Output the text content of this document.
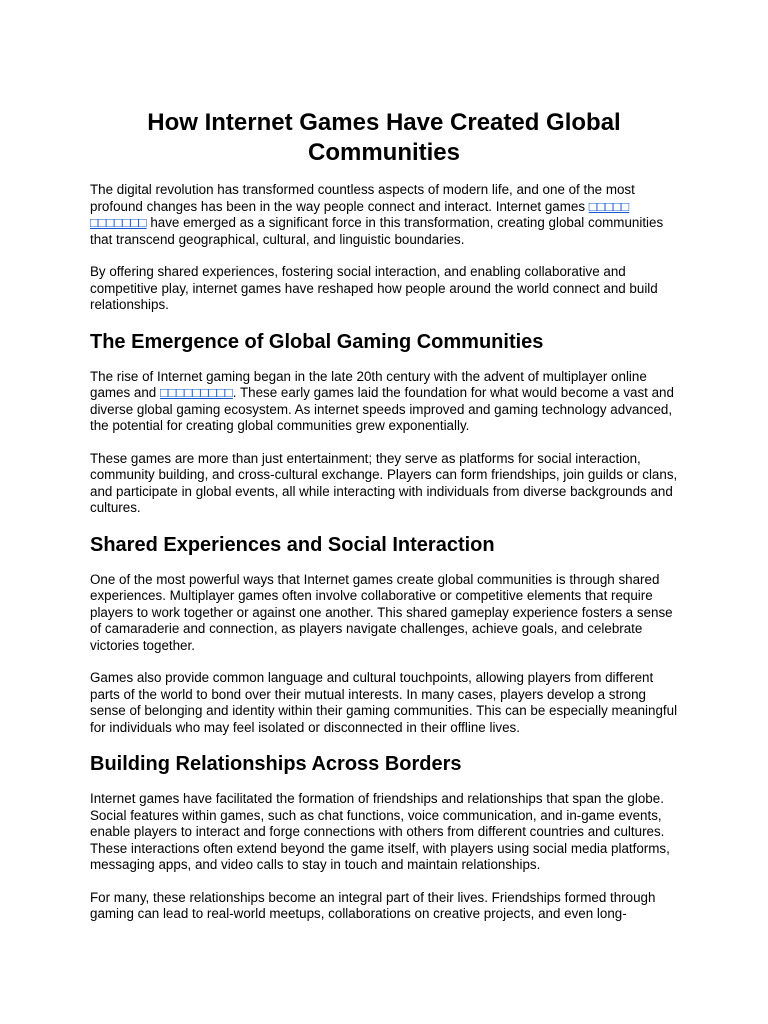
How Internet Games Have Created Global Communities

The digital revolution has transformed countless aspects of modern life, and one of the most profound changes has been in the way people connect and interact. Internet games □□□□□ □□□□□□□ have emerged as a significant force in this transformation, creating global communities that transcend geographical, cultural, and linguistic boundaries.

By offering shared experiences, fostering social interaction, and enabling collaborative and competitive play, internet games have reshaped how people around the world connect and build relationships.

The Emergence of Global Gaming Communities

The rise of Internet gaming began in the late 20th century with the advent of multiplayer online games and □□□□□□□□□. These early games laid the foundation for what would become a vast and diverse global gaming ecosystem. As internet speeds improved and gaming technology advanced, the potential for creating global communities grew exponentially.

These games are more than just entertainment; they serve as platforms for social interaction, community building, and cross-cultural exchange. Players can form friendships, join guilds or clans, and participate in global events, all while interacting with individuals from diverse backgrounds and cultures.

Shared Experiences and Social Interaction

One of the most powerful ways that Internet games create global communities is through shared experiences. Multiplayer games often involve collaborative or competitive elements that require players to work together or against one another. This shared gameplay experience fosters a sense of camaraderie and connection, as players navigate challenges, achieve goals, and celebrate victories together.

Games also provide common language and cultural touchpoints, allowing players from different parts of the world to bond over their mutual interests. In many cases, players develop a strong sense of belonging and identity within their gaming communities. This can be especially meaningful for individuals who may feel isolated or disconnected in their offline lives.

Building Relationships Across Borders

Internet games have facilitated the formation of friendships and relationships that span the globe. Social features within games, such as chat functions, voice communication, and in-game events, enable players to interact and forge connections with others from different countries and cultures. These interactions often extend beyond the game itself, with players using social media platforms, messaging apps, and video calls to stay in touch and maintain relationships.

For many, these relationships become an integral part of their lives. Friendships formed through gaming can lead to real-world meetups, collaborations on creative projects, and even long-
